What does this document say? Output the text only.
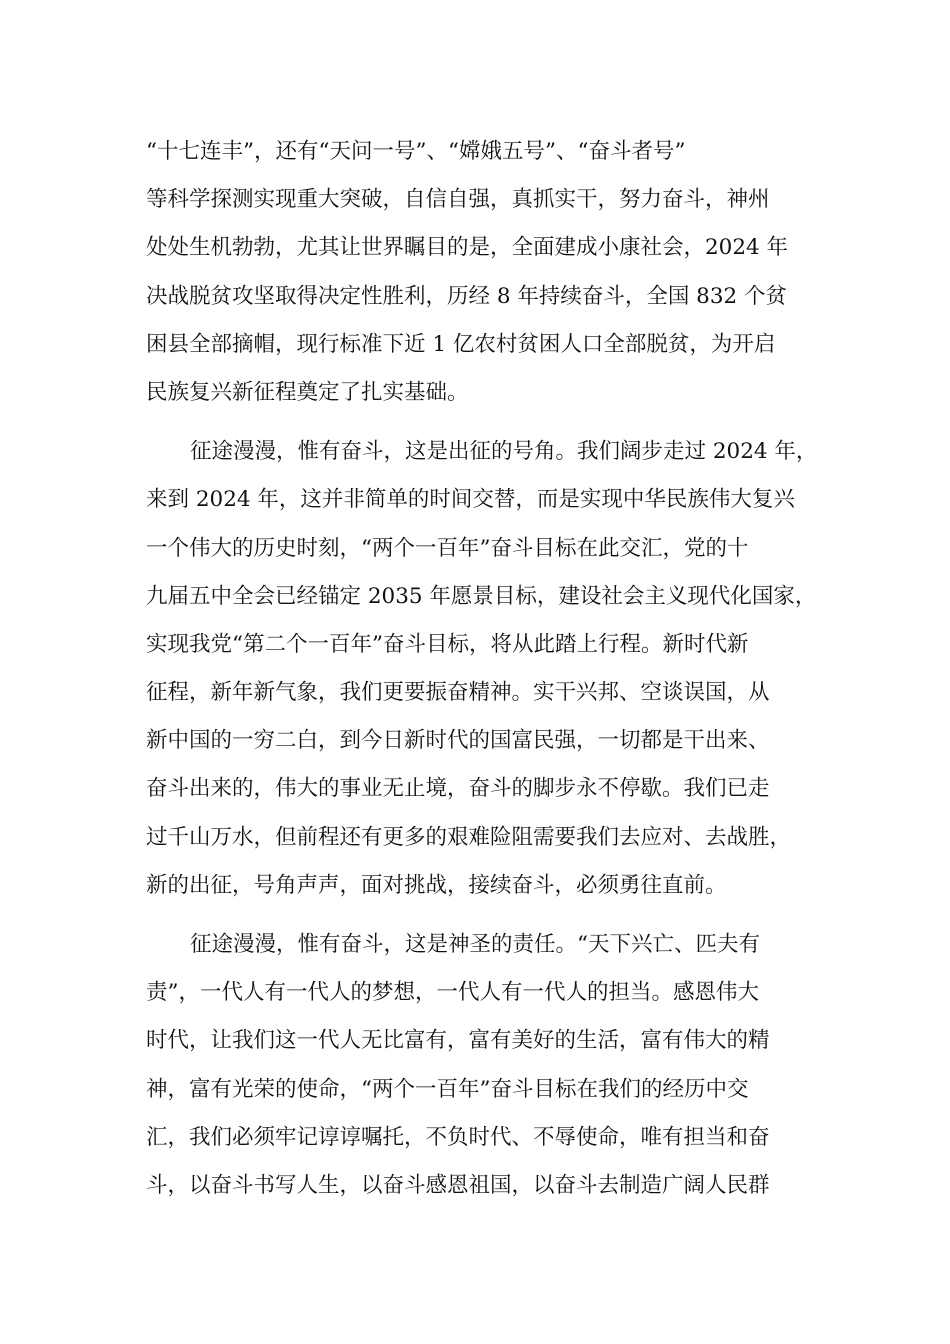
“十七连丰”，还有“天问一号”、“嫦娥五号”、“奋斗者号”
等科学探测实现重大突破，自信自强，真抓实干，努力奋斗，神州
处处生机勃勃，尤其让世界瞩目的是，全面建成小康社会，2024 年
决战脱贫攻坚取得决定性胜利，历经 8 年持续奋斗，全国 832 个贫
困县全部摘帽，现行标准下近 1 亿农村贫困人口全部脱贫，为开启
民族复兴新征程奠定了扎实基础。
征途漫漫，惟有奋斗，这是出征的号角。我们阔步走过 2024 年，
来到 2024 年，这并非简单的时间交替，而是实现中华民族伟大复兴
一个伟大的历史时刻，“两个一百年”奋斗目标在此交汇，党的十
九届五中全会已经锚定 2035 年愿景目标，建设社会主义现代化国家，
实现我党“第二个一百年”奋斗目标，将从此踏上行程。新时代新
征程，新年新气象，我们更要振奋精神。实干兴邦、空谈误国，从
新中国的一穷二白，到今日新时代的国富民强，一切都是干出来、
奋斗出来的，伟大的事业无止境，奋斗的脚步永不停歇。我们已走
过千山万水，但前程还有更多的艰难险阻需要我们去应对、去战胜，
新的出征，号角声声，面对挑战，接续奋斗，必须勇往直前。
征途漫漫，惟有奋斗，这是神圣的责任。“天下兴亡、匹夫有
责”，一代人有一代人的梦想，一代人有一代人的担当。感恩伟大
时代，让我们这一代人无比富有，富有美好的生活，富有伟大的精
神，富有光荣的使命，“两个一百年”奋斗目标在我们的经历中交
汇，我们必须牢记谆谆嘱托，不负时代、不辱使命，唯有担当和奋
斗，以奋斗书写人生，以奋斗感恩祖国，以奋斗去制造广阔人民群
